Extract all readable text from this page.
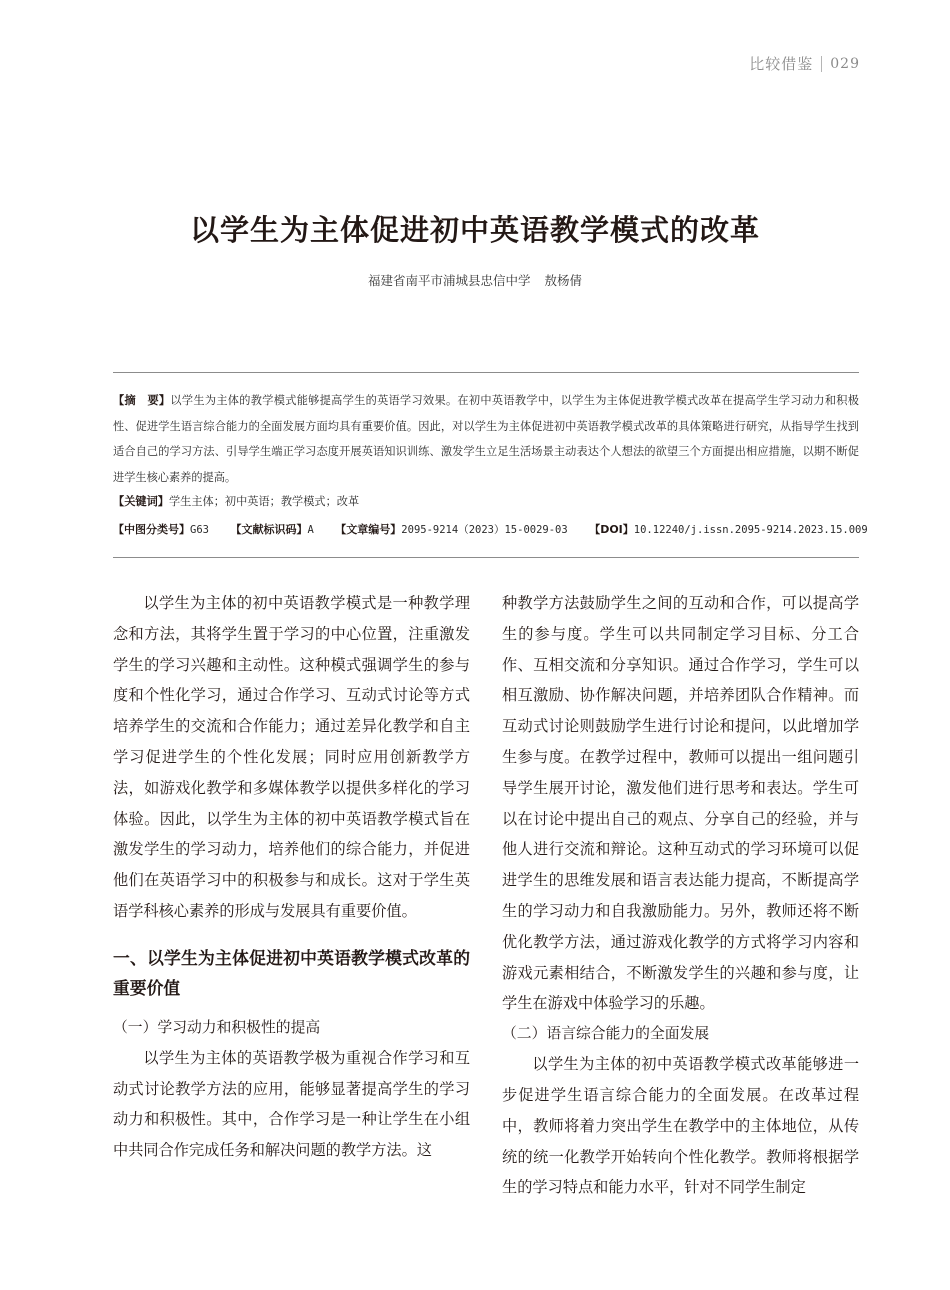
比较借鉴 029
以学生为主体促进初中英语教学模式的改革
福建省南平市浦城县忠信中学 敖杨倩
【摘　要】以学生为主体的教学模式能够提高学生的英语学习效果。在初中英语教学中，以学生为主体促进教学模式改革在提高学生学习动力和积极性、促进学生语言综合能力的全面发展方面均具有重要价值。因此，对以学生为主体促进初中英语教学模式改革的具体策略进行研究，从指导学生找到适合自己的学习方法、引导学生端正学习态度开展英语知识训练、激发学生立足生活场景主动表达个人想法的欲望三个方面提出相应措施，以期不断促进学生核心素养的提高。
【关键词】学生主体；初中英语；教学模式；改革
【中图分类号】G63 【文献标识码】A 【文章编号】2095-9214（2023）15-0029-03 【DOI】10.12240/j.issn.2095-9214.2023.15.009

以学生为主体的初中英语教学模式是一种教学理念和方法，其将学生置于学习的中心位置，注重激发学生的学习兴趣和主动性。这种模式强调学生的参与度和个性化学习，通过合作学习、互动式讨论等方式培养学生的交流和合作能力；通过差异化教学和自主学习促进学生的个性化发展；同时应用创新教学方法，如游戏化教学和多媒体教学以提供多样化的学习体验。因此，以学生为主体的初中英语教学模式旨在激发学生的学习动力，培养他们的综合能力，并促进他们在英语学习中的积极参与和成长。这对于学生英语学科核心素养的形成与发展具有重要价值。

一、以学生为主体促进初中英语教学模式改革的重要价值

（一）学习动力和积极性的提高

以学生为主体的英语教学极为重视合作学习和互动式讨论教学方法的应用，能够显著提高学生的学习动力和积极性。其中，合作学习是一种让学生在小组中共同合作完成任务和解决问题的教学方法。这

种教学方法鼓励学生之间的互动和合作，可以提高学生的参与度。学生可以共同制定学习目标、分工合作、互相交流和分享知识。通过合作学习，学生可以相互激励、协作解决问题，并培养团队合作精神。而互动式讨论则鼓励学生进行讨论和提问，以此增加学生参与度。在教学过程中，教师可以提出一组问题引导学生展开讨论，激发他们进行思考和表达。学生可以在讨论中提出自己的观点、分享自己的经验，并与他人进行交流和辩论。这种互动式的学习环境可以促进学生的思维发展和语言表达能力提高，不断提高学生的学习动力和自我激励能力。另外，教师还将不断优化教学方法，通过游戏化教学的方式将学习内容和游戏元素相结合，不断激发学生的兴趣和参与度，让学生在游戏中体验学习的乐趣。

（二）语言综合能力的全面发展

以学生为主体的初中英语教学模式改革能够进一步促进学生语言综合能力的全面发展。在改革过程中，教师将着力突出学生在教学中的主体地位，从传统的统一化教学开始转向个性化教学。教师将根据学生的学习特点和能力水平，针对不同学生制定
